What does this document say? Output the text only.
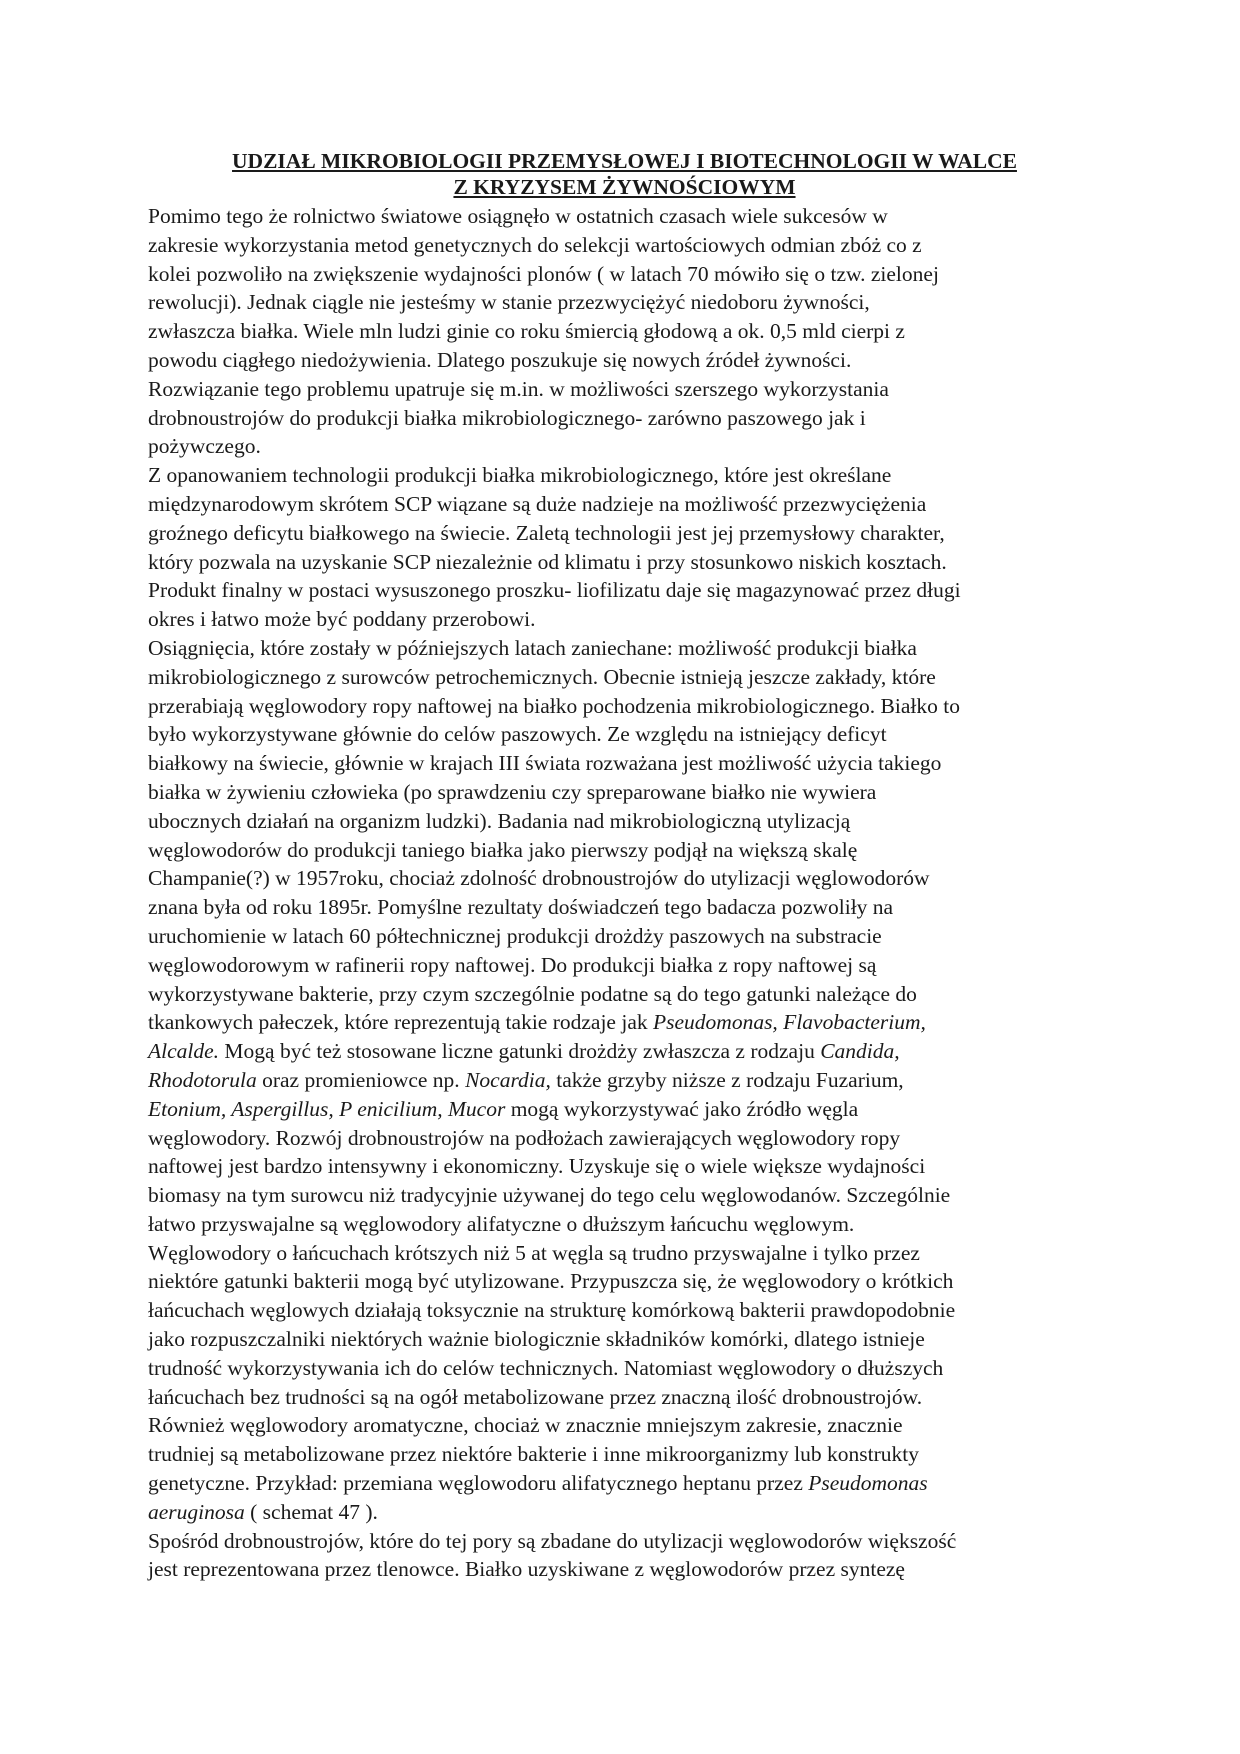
UDZIAŁ MIKROBIOLOGII PRZEMYSŁOWEJ I BIOTECHNOLOGII W WALCE
Z KRYZYSEM ŻYWNOŚCIOWYM

Pomimo tego że rolnictwo światowe osiągnęło w ostatnich czasach wiele sukcesów w
zakresie wykorzystania metod genetycznych do selekcji wartościowych odmian zbóż co z
kolei pozwoliło na zwiększenie wydajności plonów ( w latach 70 mówiło się o tzw. zielonej
rewolucji). Jednak ciągle nie jesteśmy w stanie przezwyciężyć niedoboru żywności,
zwłaszcza białka. Wiele mln ludzi ginie co roku śmiercią głodową a ok. 0,5 mld cierpi z
powodu ciągłego niedożywienia. Dlatego poszukuje się nowych źródeł żywności.
Rozwiązanie tego problemu upatruje się m.in. w możliwości szerszego wykorzystania
drobnoustrojów do produkcji białka mikrobiologicznego- zarówno paszowego jak i
pożywczego.

Z opanowaniem technologii produkcji białka mikrobiologicznego, które jest określane
międzynarodowym skrótem SCP wiązane są duże nadzieje na możliwość przezwyciężenia
groźnego deficytu białkowego na świecie. Zaletą technologii jest jej przemysłowy charakter,
który pozwala na uzyskanie SCP niezależnie od klimatu i przy stosunkowo niskich kosztach.
Produkt finalny w postaci wysuszonego proszku- liofilizatu daje się magazynować przez długi
okres i łatwo może być poddany przerobowi.

Osiągnięcia, które zostały w późniejszych latach zaniechane: możliwość produkcji białka
mikrobiologicznego z surowców petrochemicznych. Obecnie istnieją jeszcze zakłady, które
przerabiają węglowodory ropy naftowej na białko pochodzenia mikrobiologicznego. Białko to
było wykorzystywane głównie do celów paszowych. Ze względu na istniejący deficyt
białkowy na świecie, głównie w krajach III świata rozważana jest możliwość użycia takiego
białka w żywieniu człowieka (po sprawdzeniu czy spreparowane białko nie wywiera
ubocznych działań na organizm ludzki). Badania nad mikrobiologiczną utylizacją
węglowodorów do produkcji taniego białka jako pierwszy podjął na większą skalę
Champanie(?) w 1957roku, chociaż zdolność drobnoustrojów do utylizacji węglowodorów
znana była od roku 1895r. Pomyślne rezultaty doświadczeń tego badacza pozwoliły na
uruchomienie w latach 60 półtechnicznej produkcji drożdży paszowych na substracie
węglowodorowym w rafinerii ropy naftowej. Do produkcji białka z ropy naftowej są
wykorzystywane bakterie, przy czym szczególnie podatne są do tego gatunki należące do
tkankowych pałeczek, które reprezentują takie rodzaje jak Pseudomonas, Flavobacterium,
Alcalde. Mogą być też stosowane liczne gatunki drożdży zwłaszcza z rodzaju Candida,
Rhodotorula oraz promieniowce np. Nocardia, także grzyby niższe z rodzaju Fuzarium,
Etonium, Aspergillus, P enicilium, Mucor mogą wykorzystywać jako źródło węgla
węglowodory. Rozwój drobnoustrojów na podłożach zawierających węglowodory ropy
naftowej jest bardzo intensywny i ekonomiczny. Uzyskuje się o wiele większe wydajności
biomasy na tym surowcu niż tradycyjnie używanej do tego celu węglowodanów. Szczególnie
łatwo przyswajalne są węglowodory alifatyczne o dłuższym łańcuchu węglowym.
Węglowodory o łańcuchach krótszych niż 5 at węgla są trudno przyswajalne i tylko przez
niektóre gatunki bakterii mogą być utylizowane. Przypuszcza się, że węglowodory o krótkich
łańcuchach węglowych działają toksycznie na strukturę komórkową bakterii prawdopodobnie
jako rozpuszczalniki niektórych ważnie biologicznie składników komórki, dlatego istnieje
trudność wykorzystywania ich do celów technicznych. Natomiast węglowodory o dłuższych
łańcuchach bez trudności są na ogół metabolizowane przez znaczną ilość drobnoustrojów.
Również węglowodory aromatyczne, chociaż w znacznie mniejszym zakresie, znacznie
trudniej są metabolizowane przez niektóre bakterie i inne mikroorganizmy lub konstrukty
genetyczne. Przykład: przemiana węglowodoru alifatycznego heptanu przez Pseudomonas
aeruginosa ( schemat 47 ).

Spośród drobnoustrojów, które do tej pory są zbadane do utylizacji węglowodorów większość
jest reprezentowana przez tlenowce. Białko uzyskiwane z węglowodorów przez syntezę
